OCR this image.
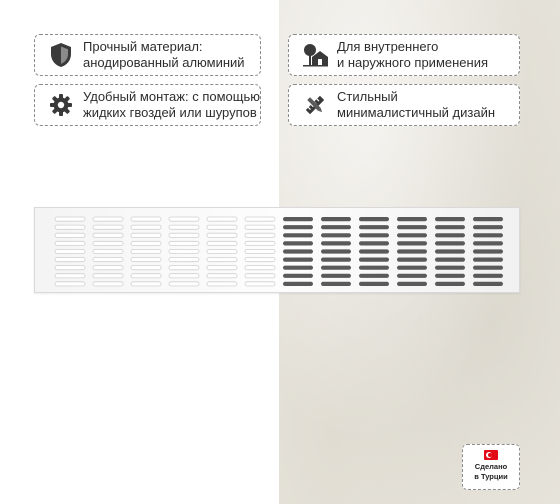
Прочный материал:
анодированный алюминий
Для внутреннего
и наружного применения
Удобный монтаж: с помощью
жидких гвоздей или шурупов
Стильный
минималистичный дизайн
Сделано
в Турции
